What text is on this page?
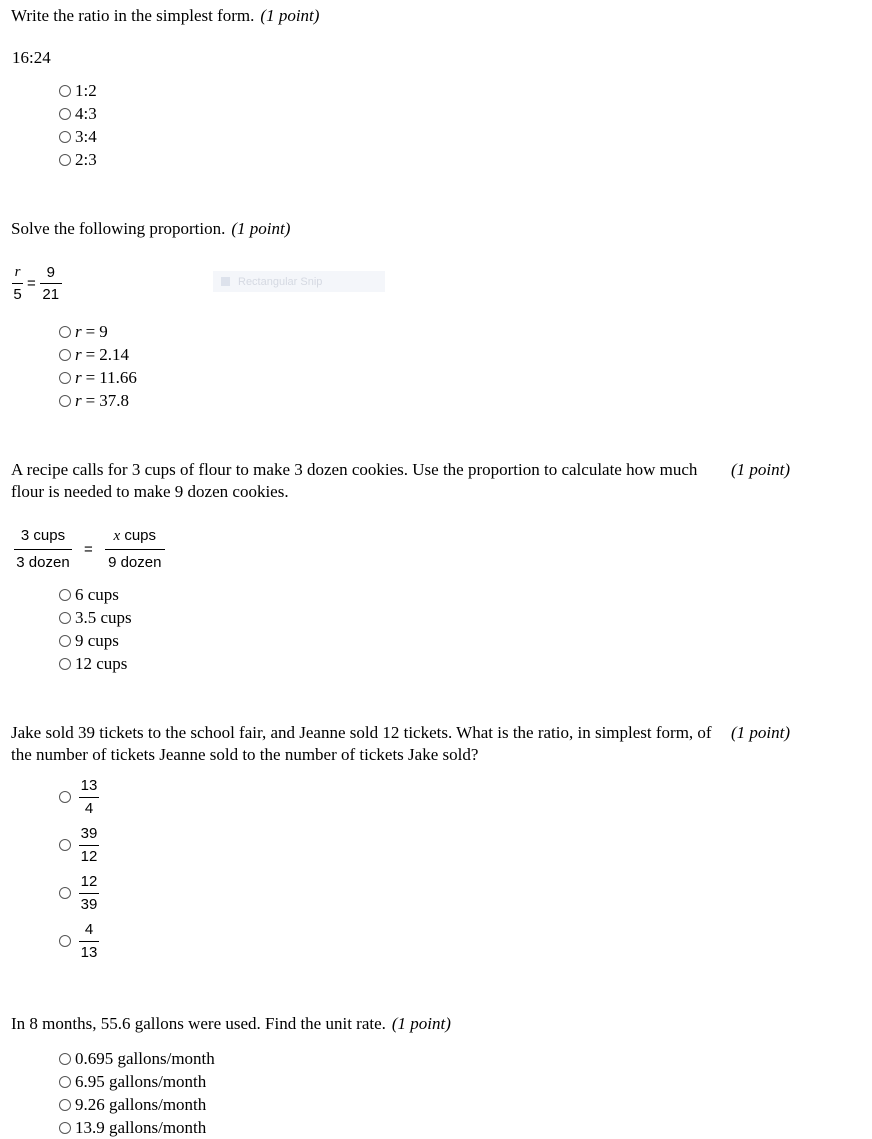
Write the ratio in the simplest form. (1 point)
16:24
1:2
4:3
3:4
2:3
Solve the following proportion. (1 point)
$\frac{r}{5} = \frac{9}{21}$
r = 9
r = 2.14
r = 11.66
r = 37.8
Rectangular Snip
A recipe calls for 3 cups of flour to make 3 dozen cookies. Use the proportion to calculate how much flour is needed to make 9 dozen cookies.
(1 point)
$\frac{\text{3 cups}}{\text{3 dozen}} = \frac{\text{x cups}}{\text{9 dozen}}$
6 cups
3.5 cups
9 cups
12 cups
Jake sold 39 tickets to the school fair, and Jeanne sold 12 tickets. What is the ratio, in simplest form, of the number of tickets Jeanne sold to the number of tickets Jake sold?
(1 point)
$\frac{13}{4}$
$\frac{39}{12}$
$\frac{12}{39}$
$\frac{4}{13}$
In 8 months, 55.6 gallons were used. Find the unit rate. (1 point)
0.695 gallons/month
6.95 gallons/month
9.26 gallons/month
13.9 gallons/month
